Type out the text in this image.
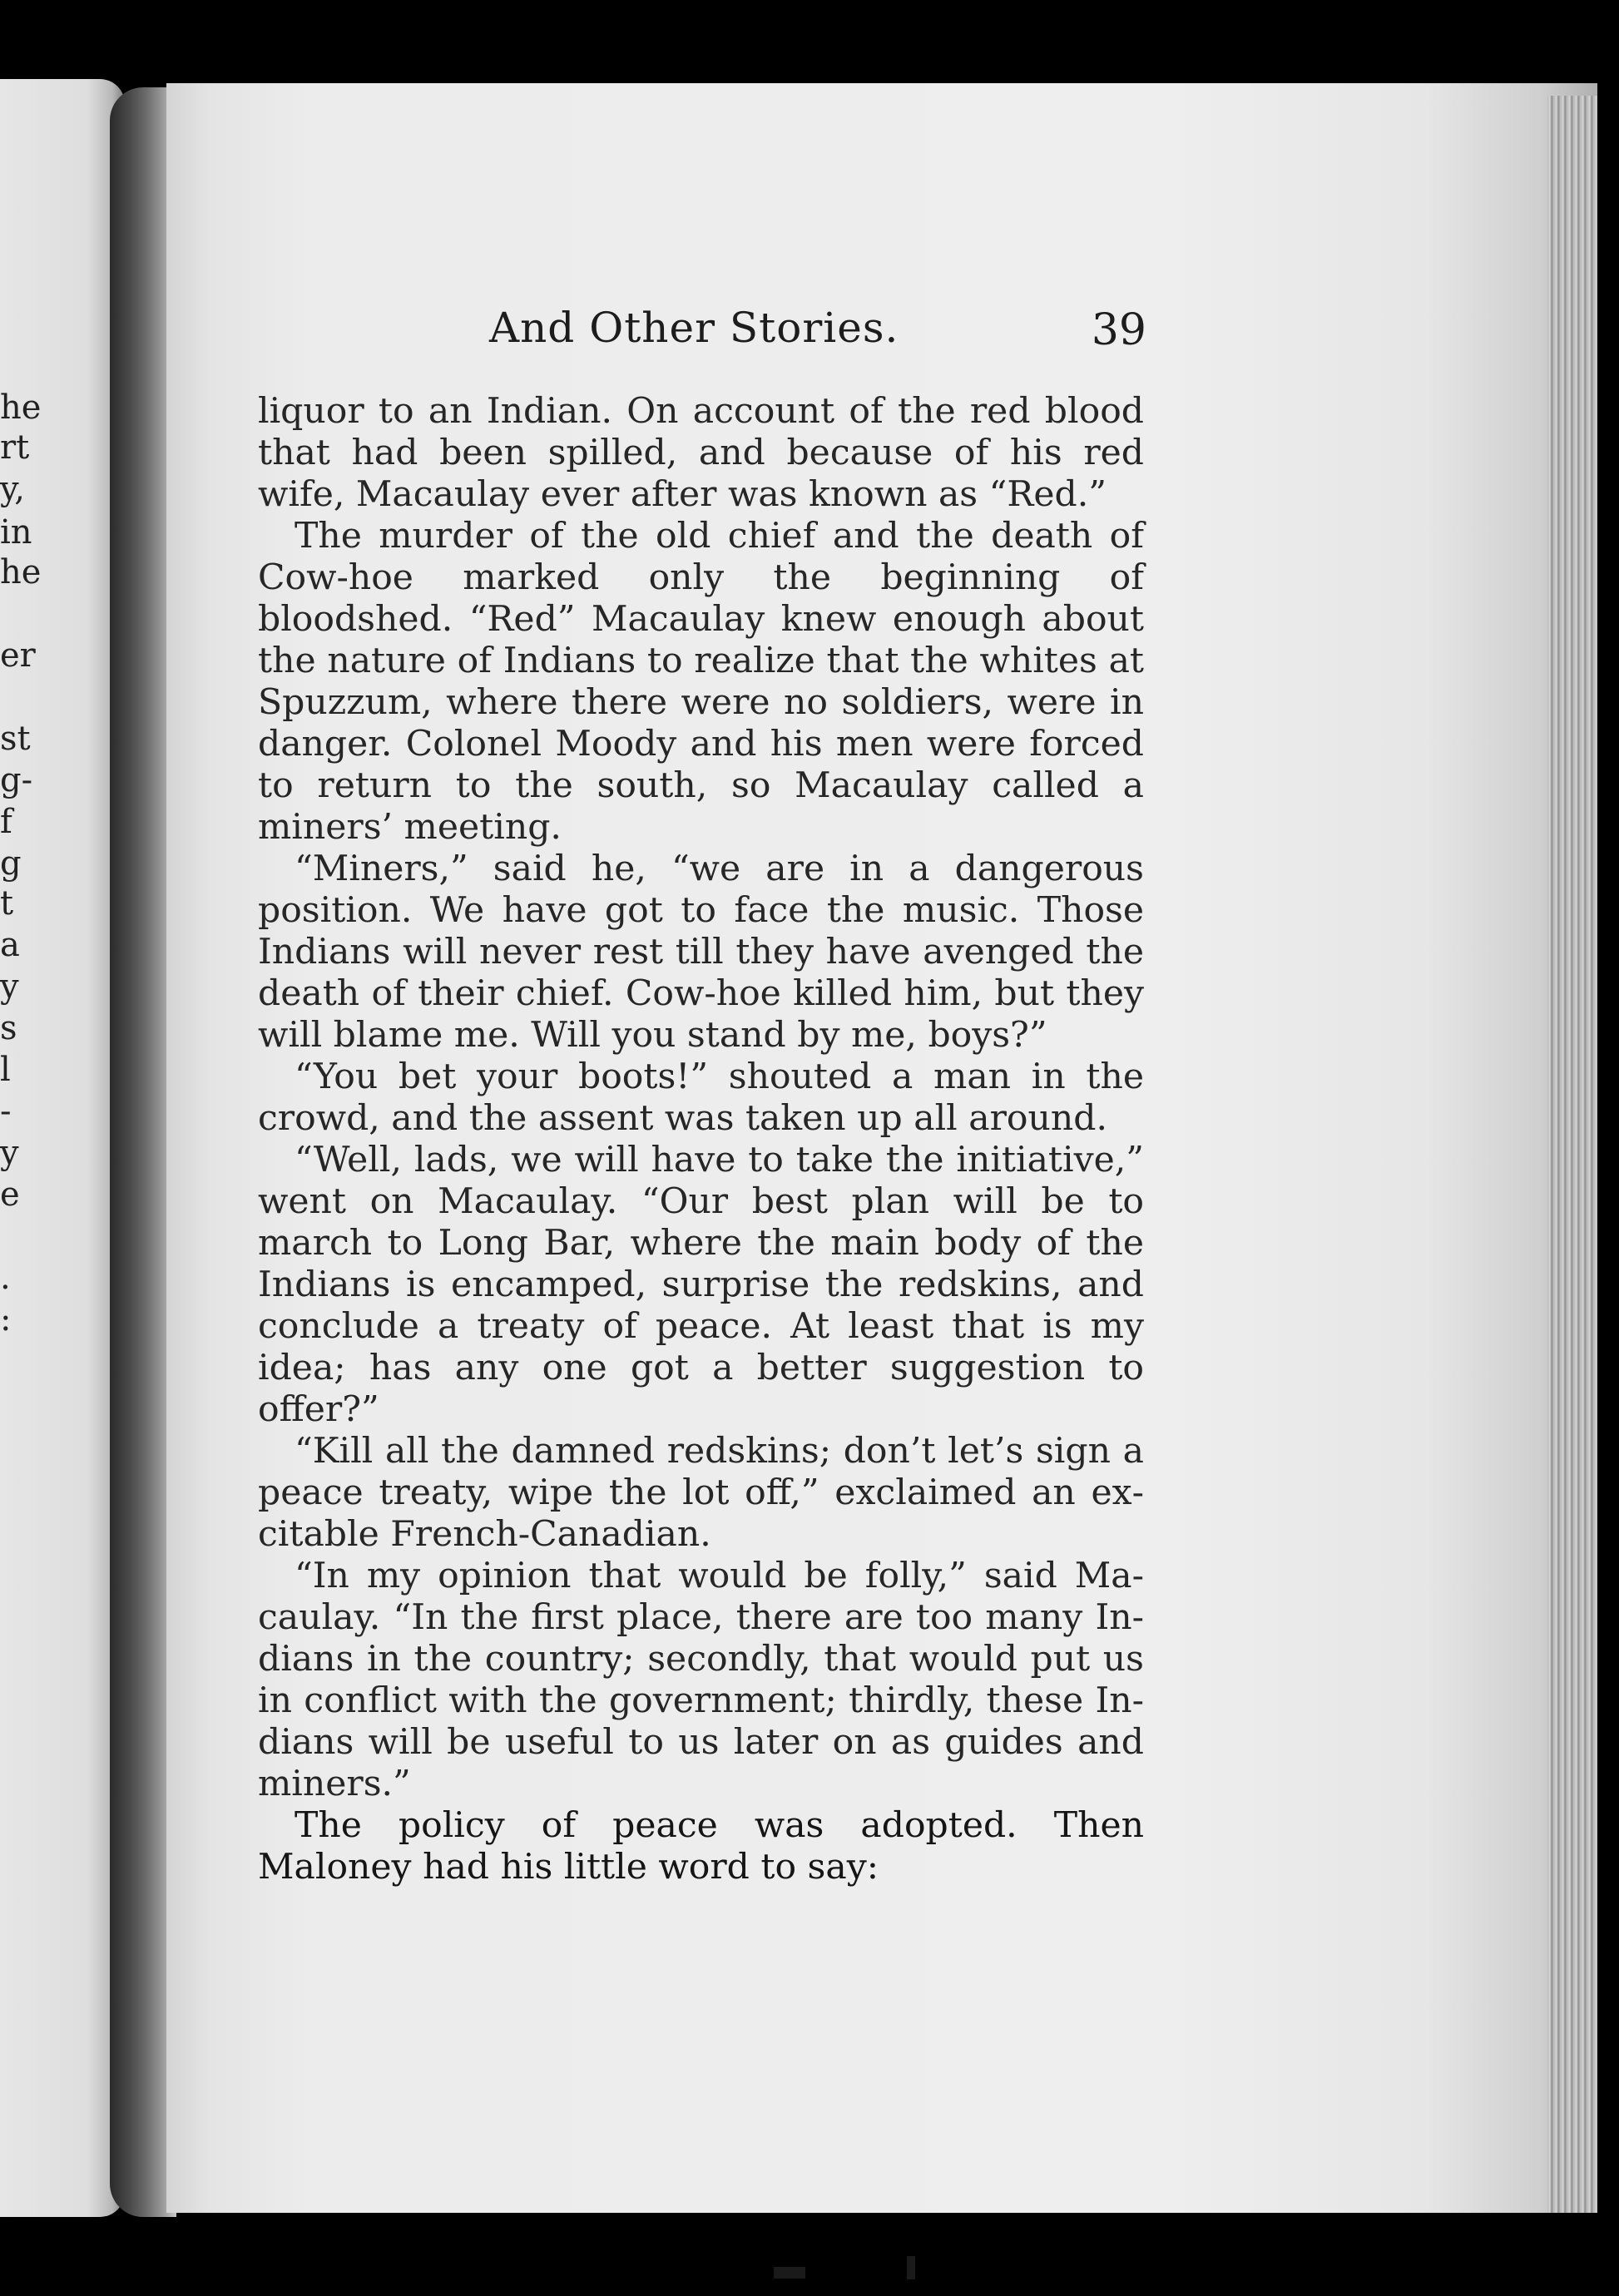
he
rt
y,
in
he
er
st
g-
f
g
t
a
y
s
l
-
y
e
.
:
And Other Stories.	39

liquor to an Indian. On account of the red blood that had been spilled, and because of his red wife, Macaulay ever after was known as “Red.”

The murder of the old chief and the death of Cow-hoe marked only the beginning of bloodshed. “Red” Macaulay knew enough about the nature of Indians to realize that the whites at Spuzzum, where there were no soldiers, were in danger. Colonel Moody and his men were forced to return to the south, so Macaulay called a miners’ meeting.

“Miners,” said he, “we are in a dangerous position. We have got to face the music. Those Indians will never rest till they have avenged the death of their chief. Cow-hoe killed him, but they will blame me. Will you stand by me, boys?”

“You bet your boots!” shouted a man in the crowd, and the assent was taken up all around.

“Well, lads, we will have to take the initiative,” went on Macaulay. “Our best plan will be to march to Long Bar, where the main body of the Indians is encamped, surprise the redskins, and conclude a treaty of peace. At least that is my idea; has any one got a better suggestion to offer?”

“Kill all the damned redskins; don’t let’s sign a peace treaty, wipe the lot off,” exclaimed an excitable French-Canadian.

“In my opinion that would be folly,” said Macaulay. “In the first place, there are too many Indians in the country; secondly, that would put us in conflict with the government; thirdly, these Indians will be useful to us later on as guides and miners.”

The policy of peace was adopted. Then Maloney had his little word to say:
